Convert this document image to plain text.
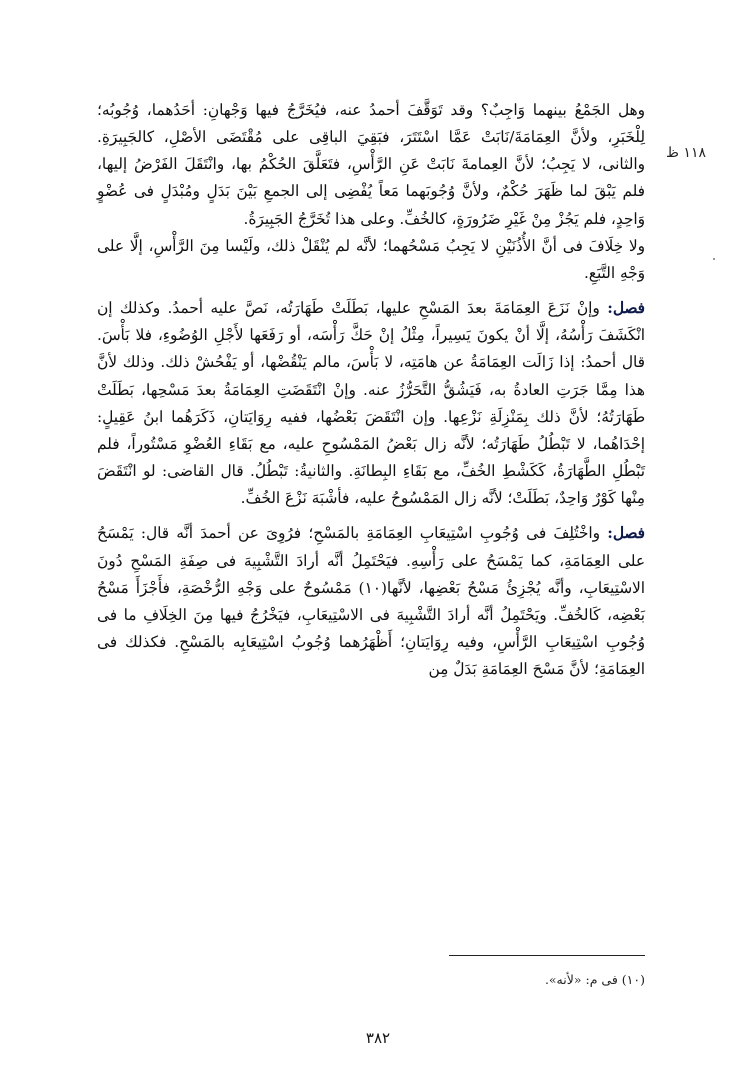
١١٨ ظ

وهل الجَمْعُ بينهما وَاجِبٌ؟ وقد تَوَقَّفَ أحمدُ عنه، فيُخَرَّجُ فيها وَجْهانِ: أحَدُهما، وُجُوبُه؛ لِلْخَبَرِ، ولأنَّ العِمَامَةَ/نَابَتْ عَمَّا اسْتَتَرَ، فبَقِيَ الباقِى على مُقْتَضَى الأصْلِ، كالجَبِيرَةِ. والثانى، لا يَجِبُ؛ لأنَّ العِمامةَ نَابَتْ عَنِ الرَّأْسِ، فتَعَلَّقَ الحُكْمُ بها، وانْتَقَلَ الفَرْضُ إليها، فلم يَبْقَ لما ظَهَرَ حُكْمٌ، ولأنَّ وُجُوبَهما مَعاً يُفْضِى إلى الجمعِ بَيْنَ بَدَلٍ ومُبْدَلٍ فى عُضْوٍ وَاحِدٍ، فلم يَجُزْ مِنْ غَيْرِ ضَرُورَةٍ، كالخُفِّ. وعلى هذا تُخَرَّجُ الجَبِيرَةُ.

ولا خِلَافَ فى أنَّ الأُذُنَيْنِ لا يَجِبُ مَسْحُهما؛ لأنَّه لم يُنْقَلْ ذلك، ولَيْسا مِنَ الرَّأْسِ، إلَّا على وَجْهِ التَّبَعِ.

فصل: وإنْ نَزَعَ العِمَامَةَ بعدَ المَسْحِ عليها، بَطَلَتْ طَهَارَتُه، نَصَّ عليه أحمدُ. وكذلك إن انْكَشَفَ رَأْسُهُ، إلَّا أنْ يكونَ يَسِيراً، مِثْلُ إنْ حَكَّ رَأْسَه، أو رَفَعَها لأَجْلِ الوُضُوءِ، فلا بَأْسَ. قال أحمدُ: إذا زَالَت العِمَامَةُ عن هامَتِه، لا بَأْسَ، مالم يَنْقُضْها، أو يَفْحُشْ ذلك. وذلك لأنَّ هذا مِمَّا جَرَتِ العادةُ به، فَيَشُقُّ التَّحَرُّزُ عنه. وإنْ انْتَقَضَتِ العِمَامَةُ بعدَ مَسْحِها، بَطَلَتْ طَهَارَتُهُ؛ لأنَّ ذلك بِمَنْزِلَةِ نَزْعِها. وإن انْتَقَضَ بَعْضُها، ففيه رِوَايَتانِ، ذَكَرَهُما ابنُ عَقِيلٍ: إحْدَاهُما، لا تَبْطُلُ طَهَارَتُه؛ لأنَّه زال بَعْضُ المَمْسُوحِ عليه، مع بَقَاءِ العُضْوِ مَسْتُوراً، فلم تَبْطُلِ الطَّهَارَةُ، كَكَشْطِ الخُفِّ، مع بَقَاءِ البِطانَةِ. والثانيةُ: تَبْطُلُ. قال القاضى: لو انْتَقَضَ مِنْها كَوْرٌ وَاحِدٌ، بَطَلَتْ؛ لأنَّه زال المَمْسُوحُ عليه، فأشْبَهَ نَزْعَ الخُفِّ.

فصل: واخْتُلِفَ فى وُجُوبِ اسْتِيعَابِ العِمَامَةِ بالمَسْحِ؛ فرُوِىَ عن أحمدَ أنَّه قال: يَمْسَحُ على العِمَامَةِ، كما يَمْسَحُ على رَأْسِهِ. فيَحْتَمِلُ أنَّه أرادَ التَّشْبِيهَ فى صِفَةِ المَسْحِ دُونَ الاسْتِيعَابِ، وأنَّه يُجْزِئُ مَسْحُ بَعْضِها، لأنَّها(١٠) مَمْسُوحٌ على وَجْهِ الرُّخْصَةِ، فأَجْزَأَ مَسْحُ بَعْضِه، كَالخُفِّ. ويَحْتَمِلُ أنَّه أرادَ التَّشْبِيهَ فى الاسْتِيعَابِ، فيَخْرُجُ فيها مِنَ الخِلَافِ ما فى وُجُوبِ اسْتِيعَابِ الرَّأْسِ، وفيه رِوَايَتانِ؛ أَظْهَرُهما وُجُوبُ اسْتِيعَابِه بالمَسْحِ. فكذلك فى العِمَامَةِ؛ لأنَّ مَسْحَ العِمَامَةِ بَدَلٌ مِن

(١٠) فى م: «لأنه».
٣٨٢
